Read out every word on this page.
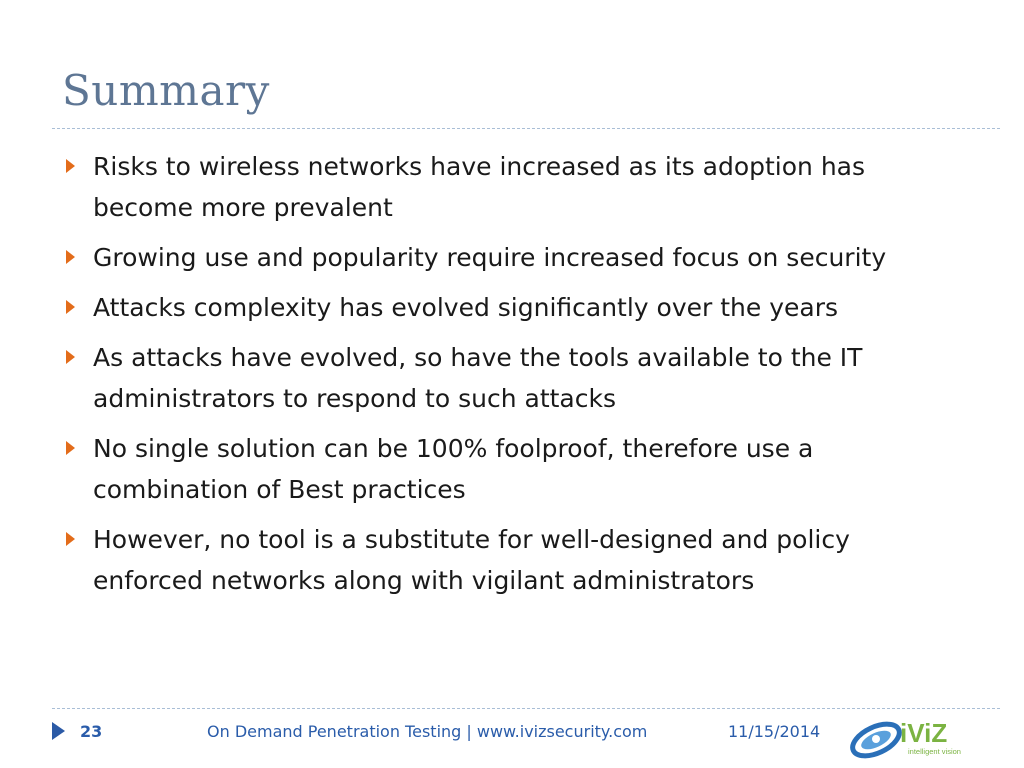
Summary
Risks to wireless networks have increased as its adoption has become more prevalent
Growing use and popularity require increased focus on security
Attacks complexity has evolved significantly over the years
As attacks have evolved, so have the tools available to the IT administrators to respond to such attacks
No single solution can be 100% foolproof, therefore use a combination of Best practices
However, no tool is a substitute for well-designed and policy enforced networks along with vigilant administrators
23	On Demand Penetration Testing | www.ivizsecurity.com	11/15/2014	iViZ
intelligent vision
